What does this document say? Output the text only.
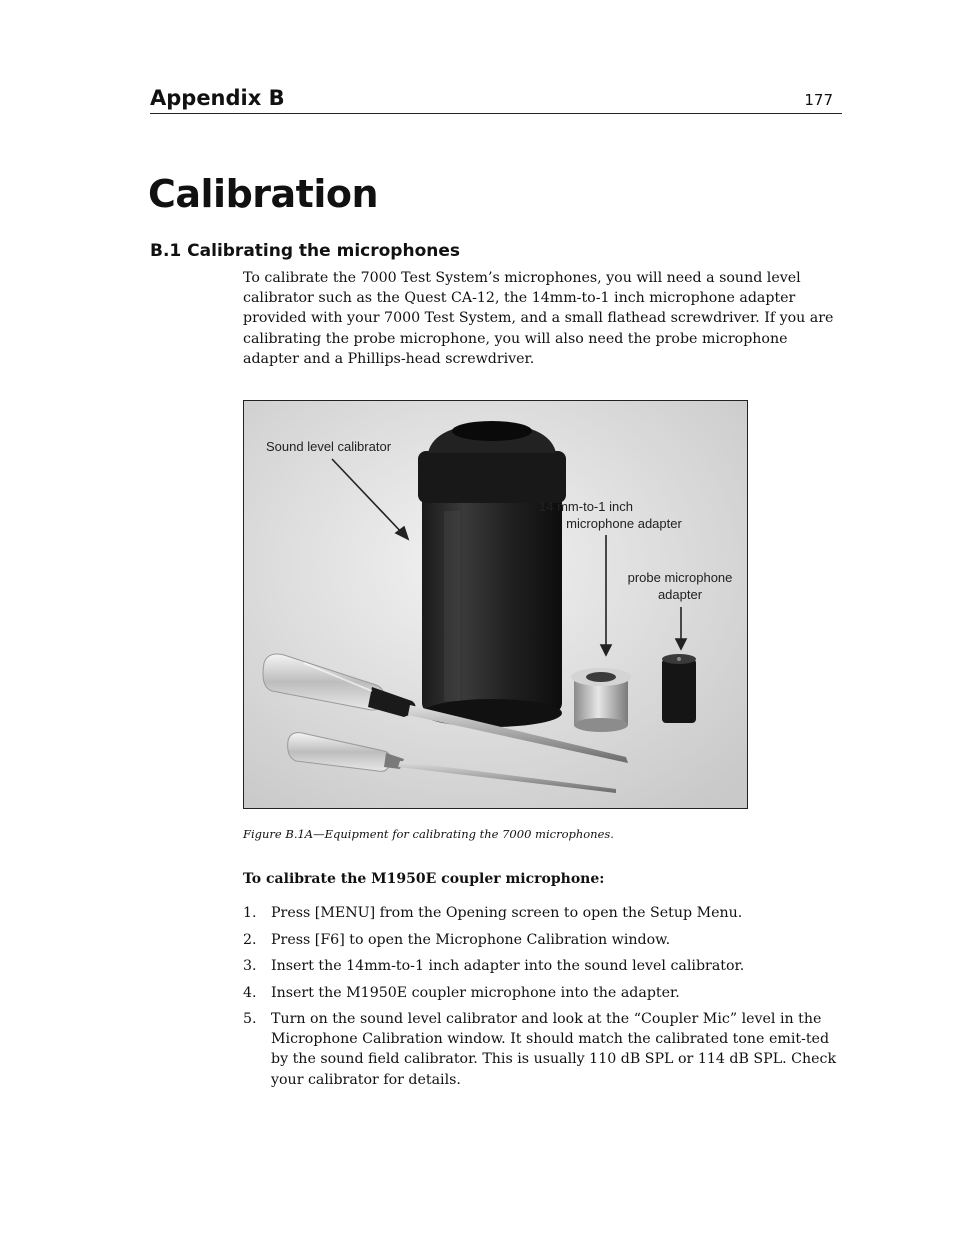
Appendix B	177
Calibration
B.1 Calibrating the microphones

To calibrate the 7000 Test System’s microphones, you will need a sound level calibrator such as the Quest CA-12, the 14mm-to-1 inch microphone adapter provided with your 7000 Test System, and a small flathead screwdriver. If you are calibrating the probe microphone, you will also need the probe microphone adapter and a Phillips-head screwdriver.

Sound level calibrator
14 mm-to-1 inch
microphone adapter
probe microphone
adapter

Figure B.1A—Equipment for calibrating the 7000 microphones.

To calibrate the M1950E coupler microphone:

1. Press [MENU] from the Opening screen to open the Setup Menu.
2. Press [F6] to open the Microphone Calibration window.
3. Insert the 14mm-to-1 inch adapter into the sound level calibrator.
4. Insert the M1950E coupler microphone into the adapter.
5. Turn on the sound level calibrator and look at the “Coupler Mic” level in the Microphone Calibration window. It should match the calibrated tone emit-ted by the sound field calibrator. This is usually 110 dB SPL or 114 dB SPL. Check your calibrator for details.
